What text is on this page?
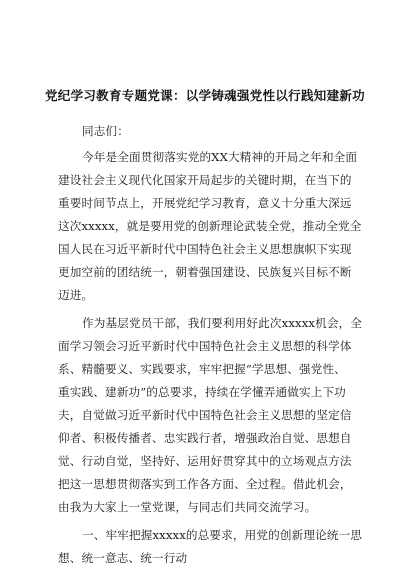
党纪学习教育专题党课：以学铸魂强党性以行践知建新功
同志们：
今年是全面贯彻落实党的XX大精神的开局之年和全面
建设社会主义现代化国家开局起步的关键时期，在当下的
重要时间节点上，开展党纪学习教育，意义十分重大深远
这次xxxxx，就是要用党的创新理论武装全党，推动全党全
国人民在习近平新时代中国特色社会主义思想旗帜下实现
更加空前的团结统一，朝着强国建设、民族复兴目标不断
迈进。
作为基层党员干部，我们要利用好此次xxxxx机会，全
面学习领会习近平新时代中国特色社会主义思想的科学体
系、精髓要义、实践要求，牢牢把握“学思想、强党性、
重实践、建新功”的总要求，持续在学懂弄通做实上下功
夫，自觉做习近平新时代中国特色社会主义思想的坚定信
仰者、积极传播者、忠实践行者，增强政治自觉、思想自
觉、行动自觉，坚持好、运用好贯穿其中的立场观点方法
把这一思想贯彻落实到工作各方面、全过程。借此机会，
由我为大家上一堂党课，与同志们共同交流学习。
一、牢牢把握xxxxx的总要求，用党的创新理论统一思
想、统一意志、统一行动
